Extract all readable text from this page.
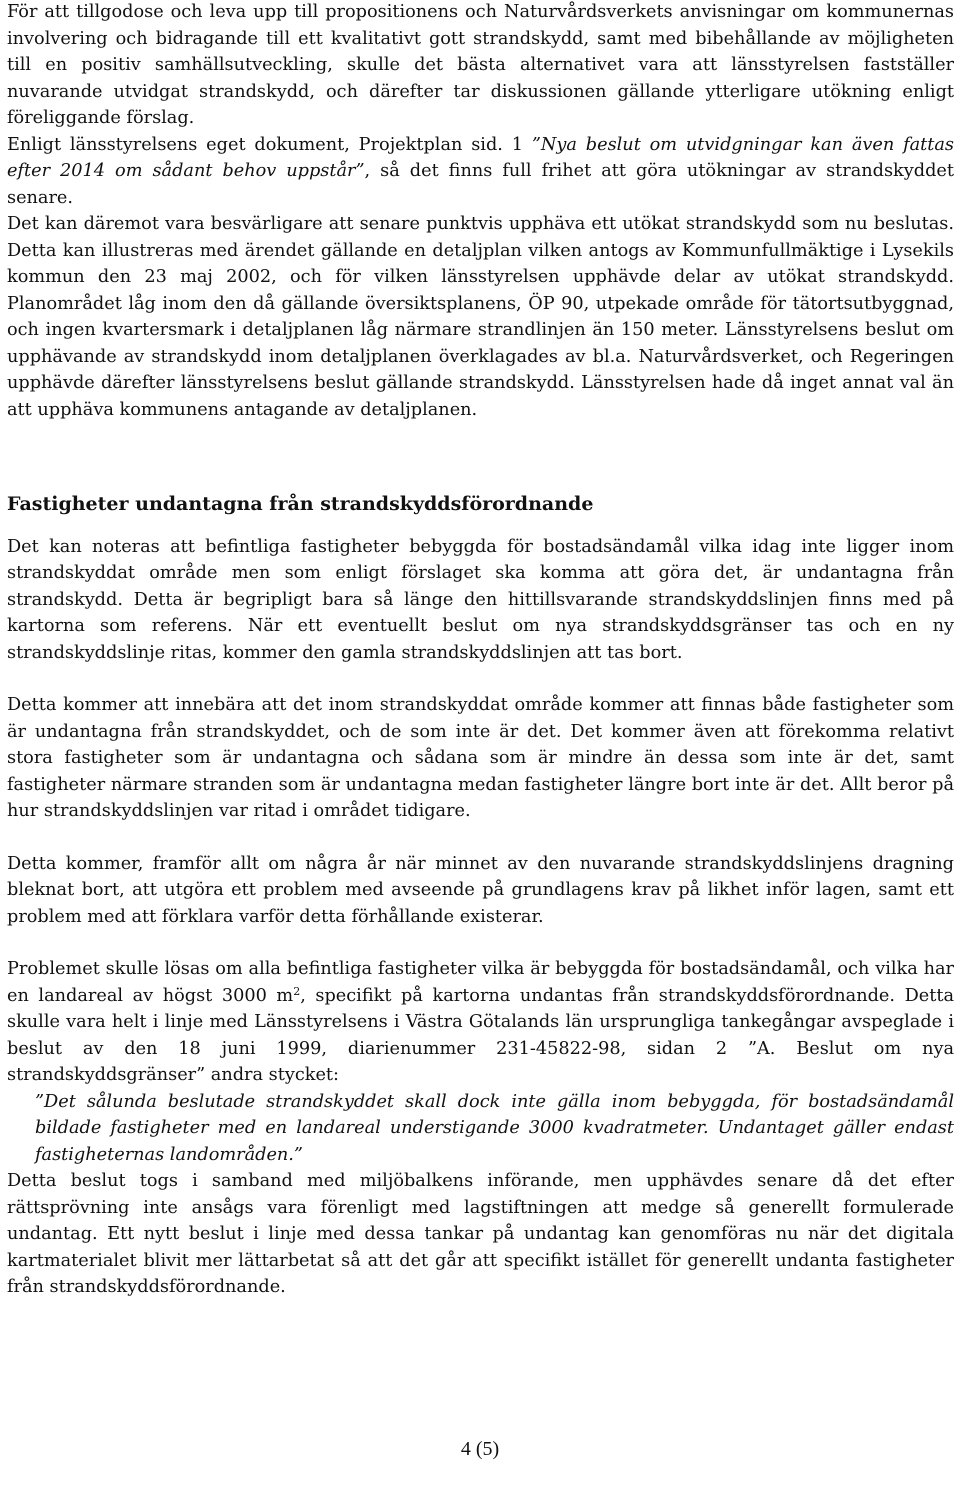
För att tillgodose och leva upp till propositionens och Naturvårdsverkets anvisningar om kommunernas involvering och bidragande till ett kvalitativt gott strandskydd, samt med bibehållande av möjligheten till en positiv samhällsutveckling, skulle det bästa alternativet vara att länsstyrelsen fastställer nuvarande utvidgat strandskydd, och därefter tar diskussionen gällande ytterligare utökning enligt föreliggande förslag.

Enligt länsstyrelsens eget dokument, Projektplan sid. 1 ”Nya beslut om utvidgningar kan även fattas efter 2014 om sådant behov uppstår”, så det finns full frihet att göra utökningar av strandskyddet senare.

Det kan däremot vara besvärligare att senare punktvis upphäva ett utökat strandskydd som nu beslutas. Detta kan illustreras med ärendet gällande en detaljplan vilken antogs av Kommunfullmäktige i Lysekils kommun den 23 maj 2002, och för vilken länsstyrelsen upphävde delar av utökat strandskydd. Planområdet låg inom den då gällande översiktsplanens, ÖP 90, utpekade område för tätortsutbyggnad, och ingen kvartersmark i detaljplanen låg närmare strandlinjen än 150 meter. Länsstyrelsens beslut om upphävande av strandskydd inom detaljplanen överklagades av bl.a. Naturvårdsverket, och Regeringen upphävde därefter länsstyrelsens beslut gällande strandskydd. Länsstyrelsen hade då inget annat val än att upphäva kommunens antagande av detaljplanen.

Fastigheter undantagna från strandskyddsförordnande

Det kan noteras att befintliga fastigheter bebyggda för bostadsändamål vilka idag inte ligger inom strandskyddat område men som enligt förslaget ska komma att göra det, är undantagna från strandskydd. Detta är begripligt bara så länge den hittillsvarande strandskyddslinjen finns med på kartorna som referens. När ett eventuellt beslut om nya strandskyddsgränser tas och en ny strandskyddslinje ritas, kommer den gamla strandskyddslinjen att tas bort.

Detta kommer att innebära att det inom strandskyddat område kommer att finnas både fastigheter som är undantagna från strandskyddet, och de som inte är det. Det kommer även att förekomma relativt stora fastigheter som är undantagna och sådana som är mindre än dessa som inte är det, samt fastigheter närmare stranden som är undantagna medan fastigheter längre bort inte är det. Allt beror på hur strandskyddslinjen var ritad i området tidigare.

Detta kommer, framför allt om några år när minnet av den nuvarande strandskyddslinjens dragning bleknat bort, att utgöra ett problem med avseende på grundlagens krav på likhet inför lagen, samt ett problem med att förklara varför detta förhållande existerar.

Problemet skulle lösas om alla befintliga fastigheter vilka är bebyggda för bostadsändamål, och vilka har en landareal av högst 3000 $m^2$, specifikt på kartorna undantas från strandskyddsförordnande. Detta skulle vara helt i linje med Länsstyrelsens i Västra Götalands län ursprungliga tankegångar avspeglade i beslut av den 18 juni 1999, diarienummer 231-45822-98, sidan 2 ”A. Beslut om nya strandskyddsgränser” andra stycket:

”Det sålunda beslutade strandskyddet skall dock inte gälla inom bebyggda, för bostadsändamål bildade fastigheter med en landareal understigande 3000 kvadratmeter. Undantaget gäller endast fastigheternas landområden.”

Detta beslut togs i samband med miljöbalkens införande, men upphävdes senare då det efter rättsprövning inte ansågs vara förenligt med lagstiftningen att medge så generellt formulerade undantag. Ett nytt beslut i linje med dessa tankar på undantag kan genomföras nu när det digitala kartmaterialet blivit mer lättarbetat så att det går att specifikt istället för generellt undanta fastigheter från strandskyddsförordnande.

4 (5)
